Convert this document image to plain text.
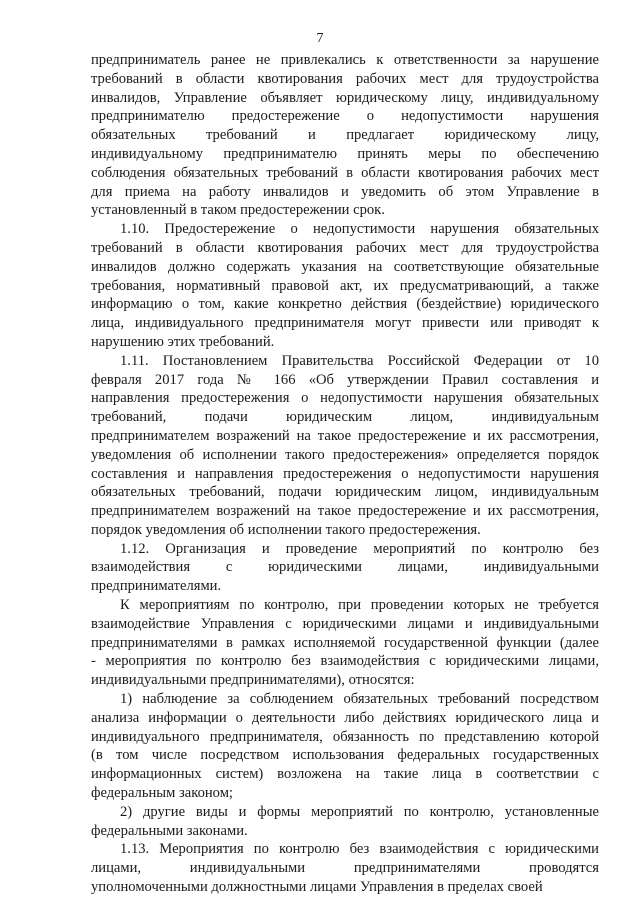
7
предприниматель ранее не привлекались к ответственности за нарушение
требований в области квотирования рабочих мест для трудоустройства
инвалидов, Управление объявляет юридическому лицу, индивидуальному
предпринимателю предостережение о недопустимости нарушения
обязательных требований и предлагает юридическому лицу,
индивидуальному предпринимателю принять меры по обеспечению
соблюдения обязательных требований в области квотирования рабочих мест
для приема на работу инвалидов и уведомить об этом Управление в
установленный в таком предостережении срок.
1.10. Предостережение о недопустимости нарушения обязательных
требований в области квотирования рабочих мест для трудоустройства
инвалидов должно содержать указания на соответствующие обязательные
требования, нормативный правовой акт, их предусматривающий, а также
информацию о том, какие конкретно действия (бездействие) юридического
лица, индивидуального предпринимателя могут привести или приводят к
нарушению этих требований.
1.11. Постановлением Правительства Российской Федерации от 10
февраля 2017 года № 166 «Об утверждении Правил составления и
направления предостережения о недопустимости нарушения обязательных
требований, подачи юридическим лицом, индивидуальным
предпринимателем возражений на такое предостережение и их рассмотрения,
уведомления об исполнении такого предостережения» определяется порядок
составления и направления предостережения о недопустимости нарушения
обязательных требований, подачи юридическим лицом, индивидуальным
предпринимателем возражений на такое предостережение и их рассмотрения,
порядок уведомления об исполнении такого предостережения.
1.12. Организация и проведение мероприятий по контролю без
взаимодействия с юридическими лицами, индивидуальными
предпринимателями.
К мероприятиям по контролю, при проведении которых не требуется
взаимодействие Управления с юридическими лицами и индивидуальными
предпринимателями в рамках исполняемой государственной функции (далее
- мероприятия по контролю без взаимодействия с юридическими лицами,
индивидуальными предпринимателями), относятся:
1) наблюдение за соблюдением обязательных требований посредством
анализа информации о деятельности либо действиях юридического лица и
индивидуального предпринимателя, обязанность по представлению которой
(в том числе посредством использования федеральных государственных
информационных систем) возложена на такие лица в соответствии с
федеральным законом;
2) другие виды и формы мероприятий по контролю, установленные
федеральными законами.
1.13. Мероприятия по контролю без взаимодействия с юридическими
лицами, индивидуальными предпринимателями проводятся
уполномоченными должностными лицами Управления в пределах своей
